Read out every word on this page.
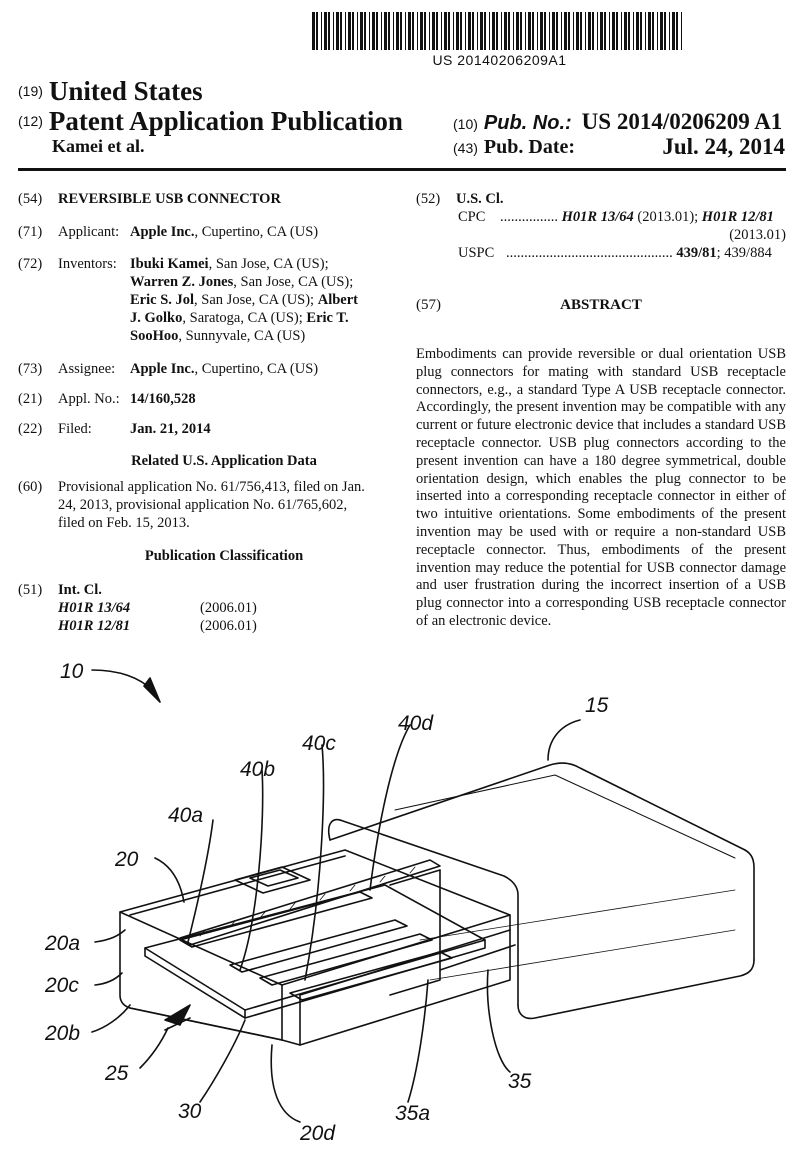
US 20140206209A1
(19) United States
(12) Patent Application Publication
Kamei et al.
(10) Pub. No.: US 2014/0206209 A1
(43) Pub. Date:	Jul. 24, 2014
(54)	REVERSIBLE USB CONNECTOR
(71)	Applicant: Apple Inc., Cupertino, CA (US)
(72)	Inventors: Ibuki Kamei, San Jose, CA (US);
Warren Z. Jones, San Jose, CA (US);
Eric S. Jol, San Jose, CA (US); Albert
J. Golko, Saratoga, CA (US); Eric T.
SooHoo, Sunnyvale, CA (US)
(73)	Assignee: Apple Inc., Cupertino, CA (US)
(21)	Appl. No.: 14/160,528
(22)	Filed:	Jan. 21, 2014
Related U.S. Application Data
(60)	Provisional application No. 61/756,413, filed on Jan.
24, 2013, provisional application No. 61/765,602,
filed on Feb. 15, 2013.
Publication Classification
(51)	Int. Cl.
H01R 13/64	(2006.01)
H01R 12/81	(2006.01)
(52)	U.S. Cl.
CPC ................ H01R 13/64 (2013.01); H01R 12/81
(2013.01)
USPC .............................................. 439/81; 439/884
(57)	ABSTRACT
Embodiments can provide reversible or dual orientation USB plug connectors for mating with standard USB receptacle connectors, e.g., a standard Type A USB receptacle connector. Accordingly, the present invention may be compatible with any current or future electronic device that includes a standard USB receptacle connector. USB plug connectors according to the present invention can have a 180 degree symmetrical, double orientation design, which enables the plug connector to be inserted into a corresponding receptacle connector in either of two intuitive orientations. Some embodiments of the present invention may be used with or require a non-standard USB receptacle connector. Thus, embodiments of the present invention may reduce the potential for USB connector damage and user frustration during the incorrect insertion of a USB plug connector into a corresponding USB receptacle connector of an electronic device.
10
15
40d
40c
40b
40a
20
20a
20c
20b
25
30
20d
35a
35
